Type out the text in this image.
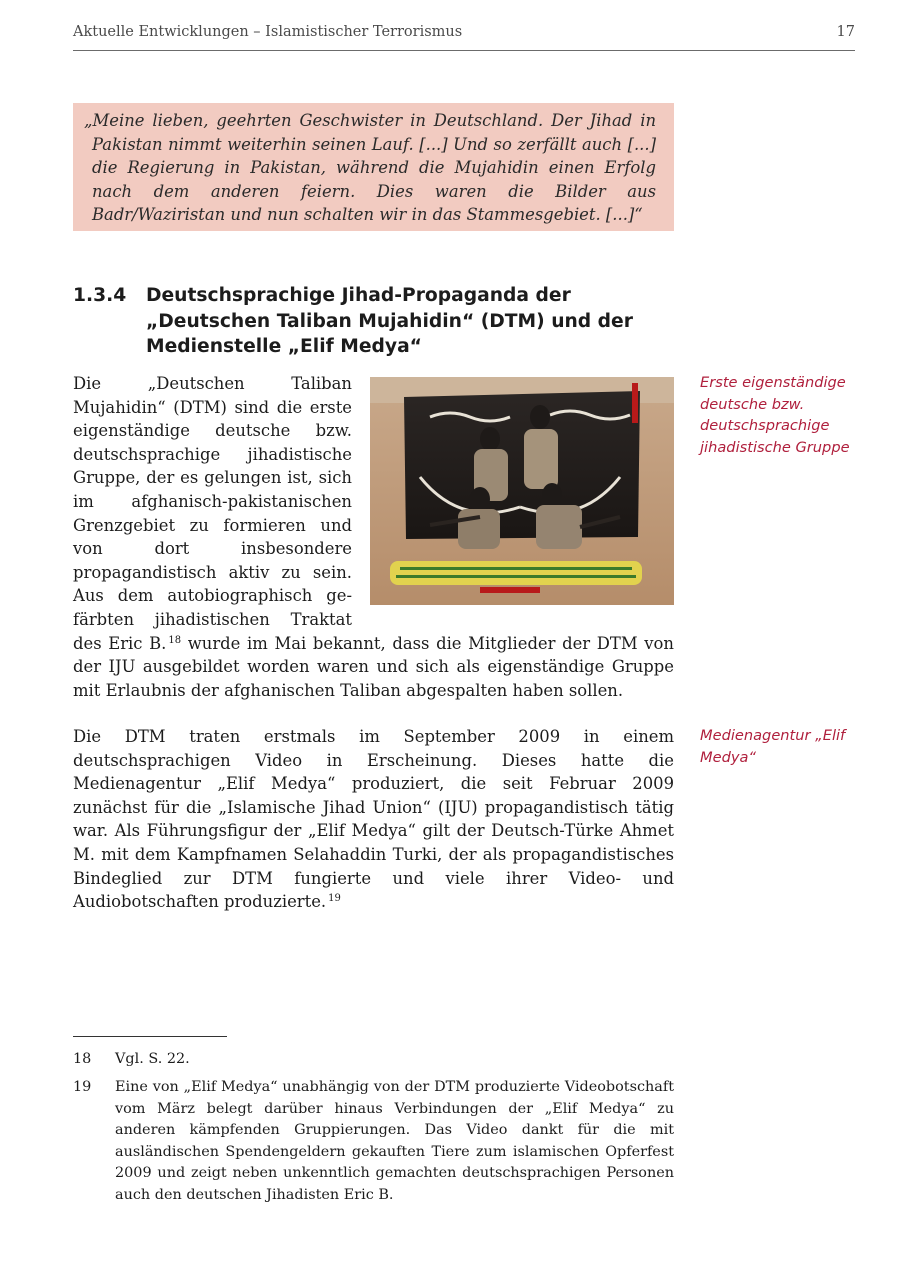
Aktuelle Entwicklungen – Islamistischer Terrorismus	17

„Meine lieben, geehrten Geschwister in Deutschland. Der Jihad in Pakistan nimmt weiterhin seinen Lauf. [...] Und so zerfällt auch [...] die Regierung in Pakistan, während die Mujahidin einen Erfolg nach dem anderen feiern. Dies waren die Bilder aus Badr/Waziristan und nun schalten wir in das Stammesgebiet. [...]“

1.3.4 Deutschsprachige Jihad-Propaganda der „Deutschen Taliban Mujahidin“ (DTM) und der Medienstelle „Elif Medya“

Die „Deutschen Taliban Mujahidin“ (DTM) sind die erste eigenständige deutsche bzw. deutschsprachige jihadistische Gruppe, der es gelungen ist, sich im afghanisch-pakistanischen Grenzgebiet zu formieren und von dort insbesondere propagandistisch aktiv zu sein. Aus dem autobiographisch gefärbten jihadistischen Traktat des Eric B. $^{18}$ wurde im Mai bekannt, dass die Mitglieder der DTM von der IJU ausgebildet worden waren und sich als eigenständige Gruppe mit Erlaubnis der afghanischen Taliban abgespalten haben sollen.

Erste eigenständige deutsche bzw. deutschsprachige jihadistische Gruppe

Die DTM traten erstmals im September 2009 in einem deutschsprachigen Video in Erscheinung. Dieses hatte die Medienagentur „Elif Medya“ produziert, die seit Februar 2009 zunächst für die „Islamische Jihad Union“ (IJU) propagandistisch tätig war. Als Führungsfigur der „Elif Medya“ gilt der Deutsch-Türke Ahmet M. mit dem Kampfnamen Selahaddin Turki, der als propagandistisches Bindeglied zur DTM fungierte und viele ihrer Video- und Audiobotschaften produzierte. $^{19}$

Medienagentur „Elif Medya“

18 Vgl. S. 22.
19 Eine von „Elif Medya“ unabhängig von der DTM produzierte Videobotschaft vom März belegt darüber hinaus Verbindungen der „Elif Medya“ zu anderen kämpfenden Gruppierungen. Das Video dankt für die mit ausländischen Spendengeldern gekauften Tiere zum islamischen Opferfest 2009 und zeigt neben unkenntlich gemachten deutschsprachigen Personen auch den deutschen Jihadisten Eric B.
